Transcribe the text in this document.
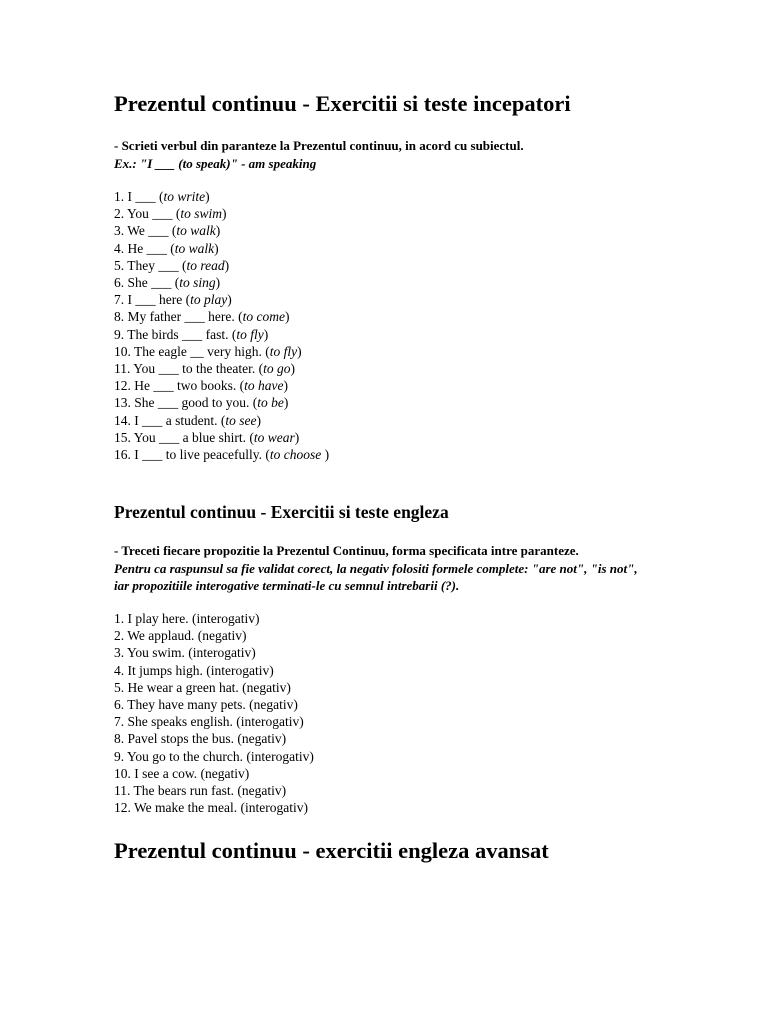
Prezentul continuu - Exercitii si teste incepatori
- Scrieti verbul din paranteze la Prezentul continuu, in acord cu subiectul.
Ex.: "I ___ (to speak)" - am speaking
1. I ___ (to write)
2. You ___ (to swim)
3. We ___ (to walk)
4. He ___ (to walk)
5. They ___ (to read)
6. She ___ (to sing)
7. I ___ here (to play)
8. My father ___ here. (to come)
9. The birds ___ fast. (to fly)
10. The eagle __ very high. (to fly)
11. You ___ to the theater. (to go)
12. He ___ two books. (to have)
13. She ___ good to you. (to be)
14. I ___ a student. (to see)
15. You ___ a blue shirt. (to wear)
16. I ___ to live peacefully. (to choose )
Prezentul continuu - Exercitii si teste engleza
- Treceti fiecare propozitie la Prezentul Continuu, forma specificata intre paranteze.
Pentru ca raspunsul sa fie validat corect, la negativ folositi formele complete: "are not", "is not", iar propozitiile interogative terminati-le cu semnul intrebarii (?).
1. I play here. (interogativ)
2. We applaud. (negativ)
3. You swim. (interogativ)
4. It jumps high. (interogativ)
5. He wear a green hat. (negativ)
6. They have many pets. (negativ)
7. She speaks english. (interogativ)
8. Pavel stops the bus. (negativ)
9. You go to the church. (interogativ)
10. I see a cow. (negativ)
11. The bears run fast. (negativ)
12. We make the meal. (interogativ)
Prezentul continuu - exercitii engleza avansat
